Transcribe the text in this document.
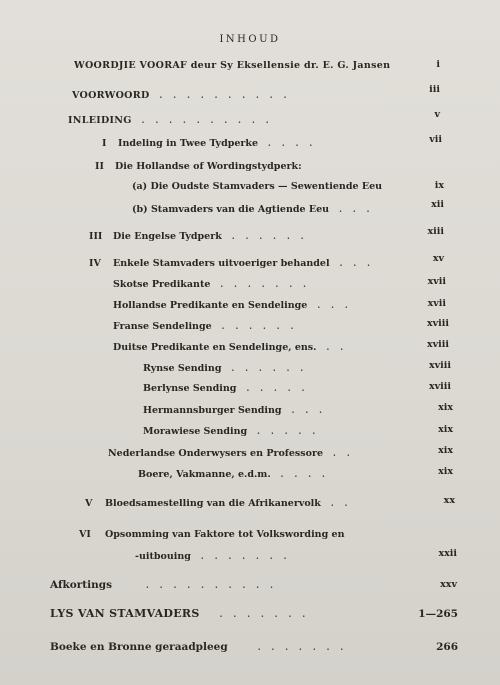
INHOUD
WOORDJIE VOORAF deur Sy Eksellensie dr. E. G. Jansen	i
VOORWOORD ..........	iii
INLEIDING ..........	v
I	Indeling in Twee Tydperke ....	vii
II	Die Hollandse of Wordingstydperk:
(a) Die Oudste Stamvaders — Sewentiende Eeu	ix
(b) Stamvaders van die Agtiende Eeu ...	xii
III	Die Engelse Tydperk ......	xiii
IV	Enkele Stamvaders uitvoeriger behandel ...	xv
Skotse Predikante .......	xvii
Hollandse Predikante en Sendelinge ...	xvii
Franse Sendelinge ......	xviii
Duitse Predikante en Sendelinge, ens. ..	xviii
Rynse Sending ......	xviii
Berlynse Sending .....	xviii
Hermannsburger Sending ...	xix
Morawiese Sending .....	xix
Nederlandse Onderwysers en Professore ..	xix
Boere, Vakmanne, e.d.m. ....	xix
V	Bloedsamestelling van die Afrikanervolk ..	xx
VI	Opsomming van Faktore tot Volkswording en
-uitbouing .......	xxii
Afkortings	..........	xxv
LYS VAN STAMVADERS	.......	1—265
Boeke en Bronne geraadpleeg	.......	266
